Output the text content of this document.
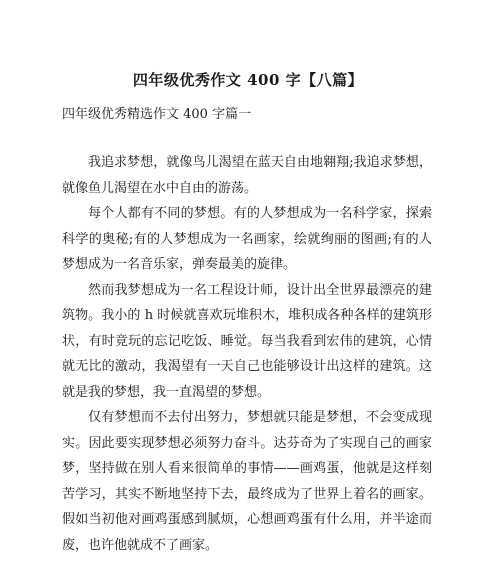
四年级优秀作文 400 字【八篇】
四年级优秀精选作文 400 字篇一

我追求梦想，就像鸟儿渴望在蓝天自由地翱翔;我追求梦想，就像鱼儿渴望在水中自由的游荡。

每个人都有不同的梦想。有的人梦想成为一名科学家，探索科学的奥秘;有的人梦想成为一名画家，绘就绚丽的图画;有的人梦想成为一名音乐家，弹奏最美的旋律。

然而我梦想成为一名工程设计师，设计出全世界最漂亮的建筑物。我小的 h 时候就喜欢玩堆积木，堆积成各种各样的建筑形状，有时竟玩的忘记吃饭、睡觉。每当我看到宏伟的建筑，心情就无比的激动，我渴望有一天自己也能够设计出这样的建筑。这就是我的梦想，我一直渴望的梦想。

仅有梦想而不去付出努力，梦想就只能是梦想，不会变成现实。因此要实现梦想必须努力奋斗。达芬奇为了实现自己的画家梦，坚持做在别人看来很简单的事情——画鸡蛋，他就是这样刻苦学习，其实不断地坚持下去，最终成为了世界上着名的画家。假如当初他对画鸡蛋感到腻烦，心想画鸡蛋有什么用，并半途而废，也许他就成不了画家。
